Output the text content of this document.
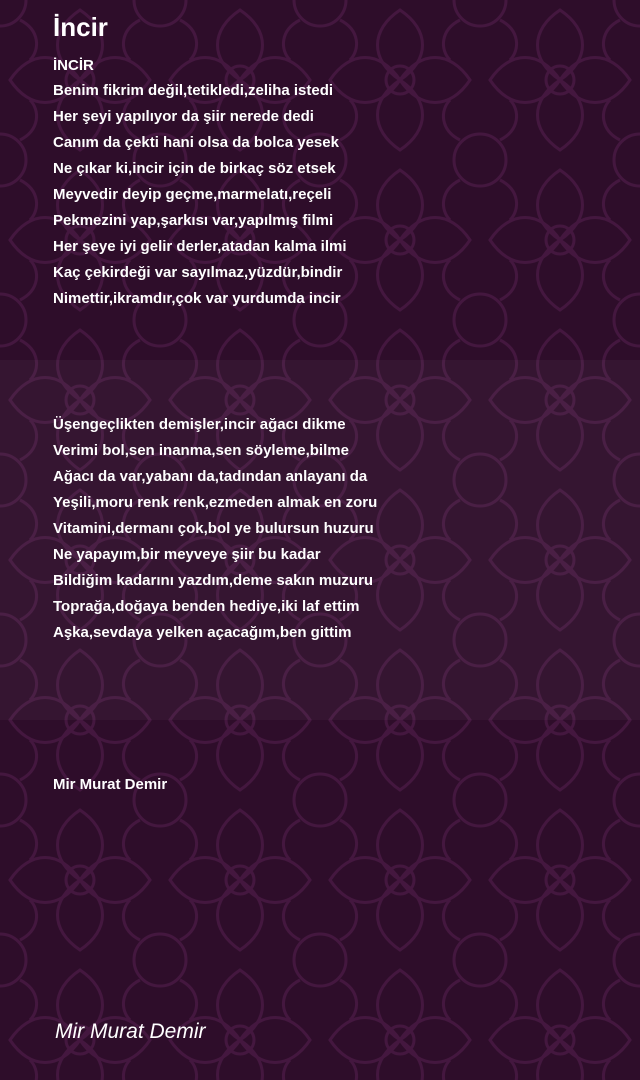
İncir

İNCİR

Benim fikrim değil,tetikledi,zeliha istedi

Her şeyi yapılıyor da şiir nerede dedi

Canım da çekti hani olsa da bolca yesek

Ne çıkar ki,incir için de birkaç söz etsek

Meyvedir deyip geçme,marmelatı,reçeli

Pekmezini yap,şarkısı var,yapılmış filmi

Her şeye iyi gelir derler,atadan kalma ilmi

Kaç çekirdeği var sayılmaz,yüzdür,bindir

Nimettir,ikramdır,çok var yurdumda incir

Üşengeçlikten demişler,incir ağacı dikme

Verimi bol,sen inanma,sen söyleme,bilme

Ağacı da var,yabanı da,tadından anlayanı da

Yeşili,moru renk renk,ezmeden almak en zoru

Vitamini,dermanı çok,bol ye bulursun huzuru

Ne yapayım,bir meyveye şiir bu kadar

Bildiğim kadarını yazdım,deme sakın muzuru

Toprağa,doğaya benden hediye,iki laf ettim

Aşka,sevdaya yelken açacağım,ben gittim

Mir Murat Demir

Mir Murat Demir
